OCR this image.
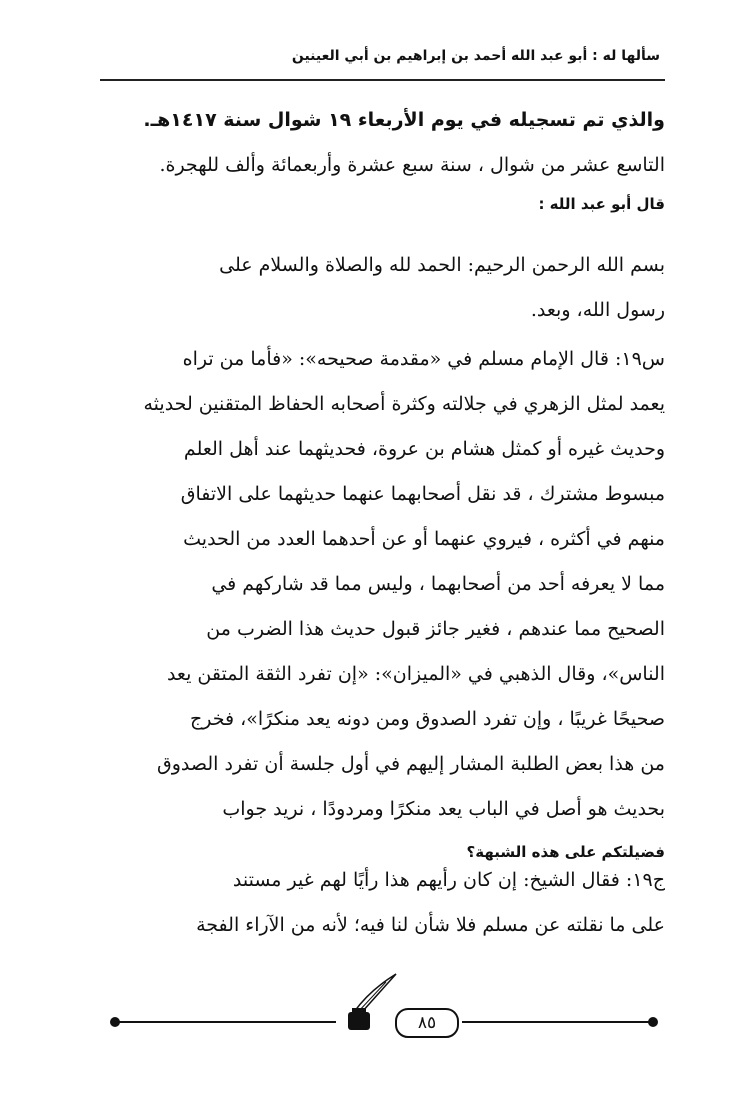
سألها له : أبو عبد الله أحمد بن إبراهيم بن أبي العينين
والذي تم تسجيله في يوم الأربعاء ١٩ شوال سنة ١٤١٧هـ.
التاسع عشر من شوال ، سنة سبع عشرة وأربعمائة وألف للهجرة.
قال أبو عبد الله :
بسم الله الرحمن الرحيم: الحمد لله والصلاة والسلام على
رسول الله، وبعد.
س١٩: قال الإمام مسلم في «مقدمة صحيحه»: «فأما من تراه
يعمد لمثل الزهري في جلالته وكثرة أصحابه الحفاظ المتقنين لحديثه
وحديث غيره أو كمثل هشام بن عروة، فحديثهما عند أهل العلم
مبسوط مشترك ، قد نقل أصحابهما عنهما حديثهما على الاتفاق
منهم في أكثره ، فيروي عنهما أو عن أحدهما العدد من الحديث
مما لا يعرفه أحد من أصحابهما ، وليس مما قد شاركهم في
الصحيح مما عندهم ، فغير جائز قبول حديث هذا الضرب من
الناس»، وقال الذهبي في «الميزان»: «إن تفرد الثقة المتقن يعد
صحيحًا غريبًا ، وإن تفرد الصدوق ومن دونه يعد منكرًا»، فخرج
من هذا بعض الطلبة المشار إليهم في أول جلسة أن تفرد الصدوق
بحديث هو أصل في الباب يعد منكرًا ومردودًا ، نريد جواب
فضيلتكم على هذه الشبهة؟
ج١٩: فقال الشيخ: إن كان رأيهم هذا رأيًا لهم غير مستند
على ما نقلته عن مسلم فلا شأن لنا فيه؛ لأنه من الآراء الفجة
٨٥
